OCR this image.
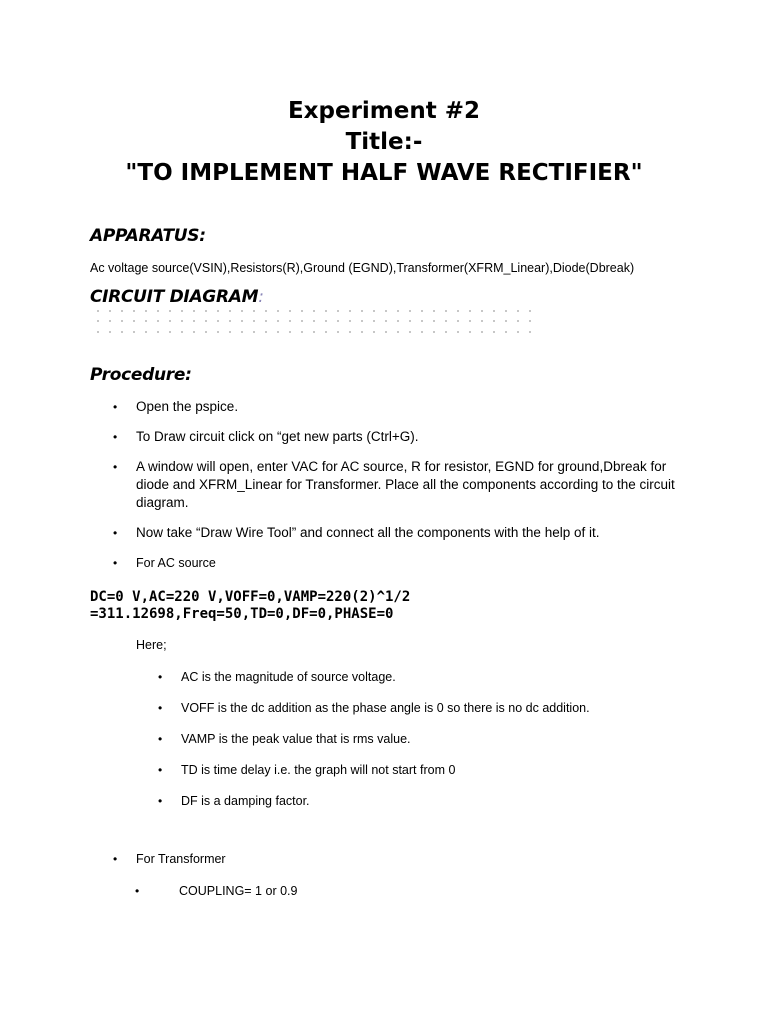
Experiment #2

Title:-

"TO IMPLEMENT HALF WAVE RECTIFIER"

APPARATUS:

Ac voltage source(VSIN),Resistors(R),Ground (EGND),Transformer(XFRM_Linear),Diode(Dbreak)

CIRCUIT DIAGRAM:
Procedure:
• Open the pspice.
• To Draw circuit click on “get new parts (Ctrl+G).
• A window will open, enter VAC for AC source, R for resistor, EGND for ground,Dbreak for diode and XFRM_Linear for Transformer. Place all the components according to the circuit diagram.
• Now take “Draw Wire Tool” and connect all the components with the help of it.
• For AC source
DC=0 V,AC=220 V,VOFF=0,VAMP=220(2)^1/2
=311.12698,Freq=50,TD=0,DF=0,PHASE=0

Here;

• AC is the magnitude of source voltage.
• VOFF is the dc addition as the phase angle is 0 so there is no dc addition.
• VAMP is the peak value that is rms value.
• TD is time delay i.e. the graph will not start from 0
• DF is a damping factor.
• For Transformer
•	COUPLING= 1 or 0.9
